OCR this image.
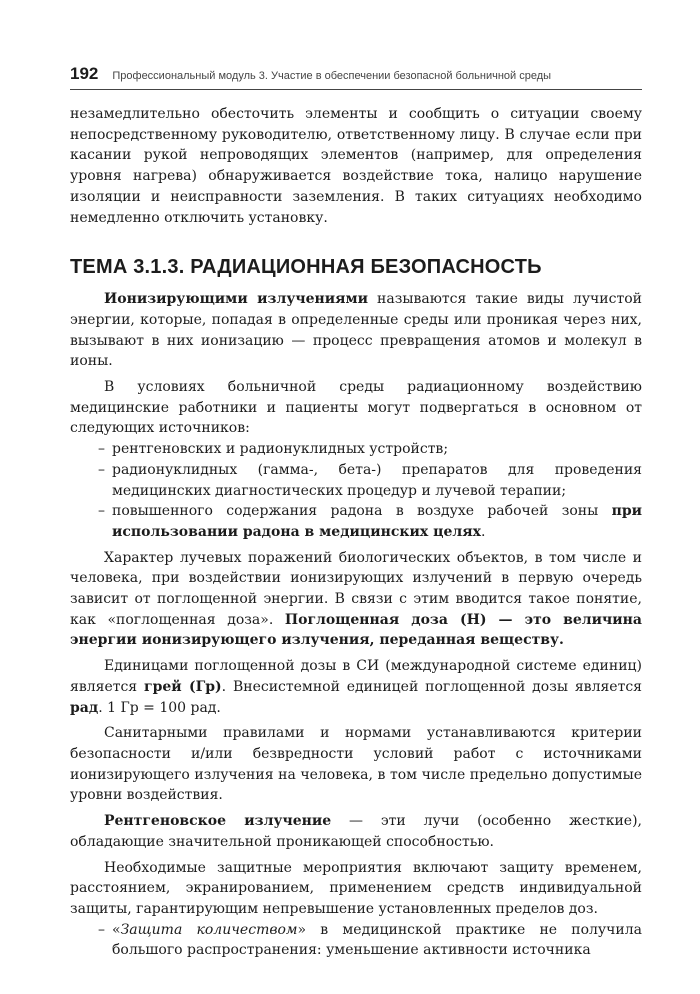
192 Профессиональный модуль 3. Участие в обеспечении безопасной больничной среды

незамедлительно обесточить элементы и сообщить о ситуации своему непосредственному руководителю, ответственному лицу. В случае если при касании рукой непроводящих элементов (например, для определения уровня нагрева) обнаруживается воздействие тока, налицо нарушение изоляции и неисправности заземления. В таких ситуациях необходимо немедленно отключить установку.

ТЕМА 3.1.3. РАДИАЦИОННАЯ БЕЗОПАСНОСТЬ

Ионизирующими излучениями называются такие виды лучистой энергии, которые, попадая в определенные среды или проникая через них, вызывают в них ионизацию — процесс превращения атомов и молекул в ионы.

В условиях больничной среды радиационному воздействию медицинские работники и пациенты могут подвергаться в основном от следующих источников:

– рентгеновских и радионуклидных устройств;

– радионуклидных (гамма-, бета-) препаратов для проведения медицинских диагностических процедур и лучевой терапии;

– повышенного содержания радона в воздухе рабочей зоны при использовании радона в медицинских целях.

Характер лучевых поражений биологических объектов, в том числе и человека, при воздействии ионизирующих излучений в первую очередь зависит от поглощенной энергии. В связи с этим вводится такое понятие, как «поглощенная доза». Поглощенная доза (Н) — это величина энергии ионизирующего излучения, переданная веществу.

Единицами поглощенной дозы в СИ (международной системе единиц) является грей (Гр). Внесистемной единицей поглощенной дозы является рад. 1 Гр = 100 рад.

Санитарными правилами и нормами устанавливаются критерии безопасности и/или безвредности условий работ с источниками ионизирующего излучения на человека, в том числе предельно допустимые уровни воздействия.

Рентгеновское излучение — эти лучи (особенно жесткие), обладающие значительной проникающей способностью.

Необходимые защитные мероприятия включают защиту временем, расстоянием, экранированием, применением средств индивидуальной защиты, гарантирующим непревышение установленных пределов доз.

– «Защита количеством» в медицинской практике не получила большого распространения: уменьшение активности источника
